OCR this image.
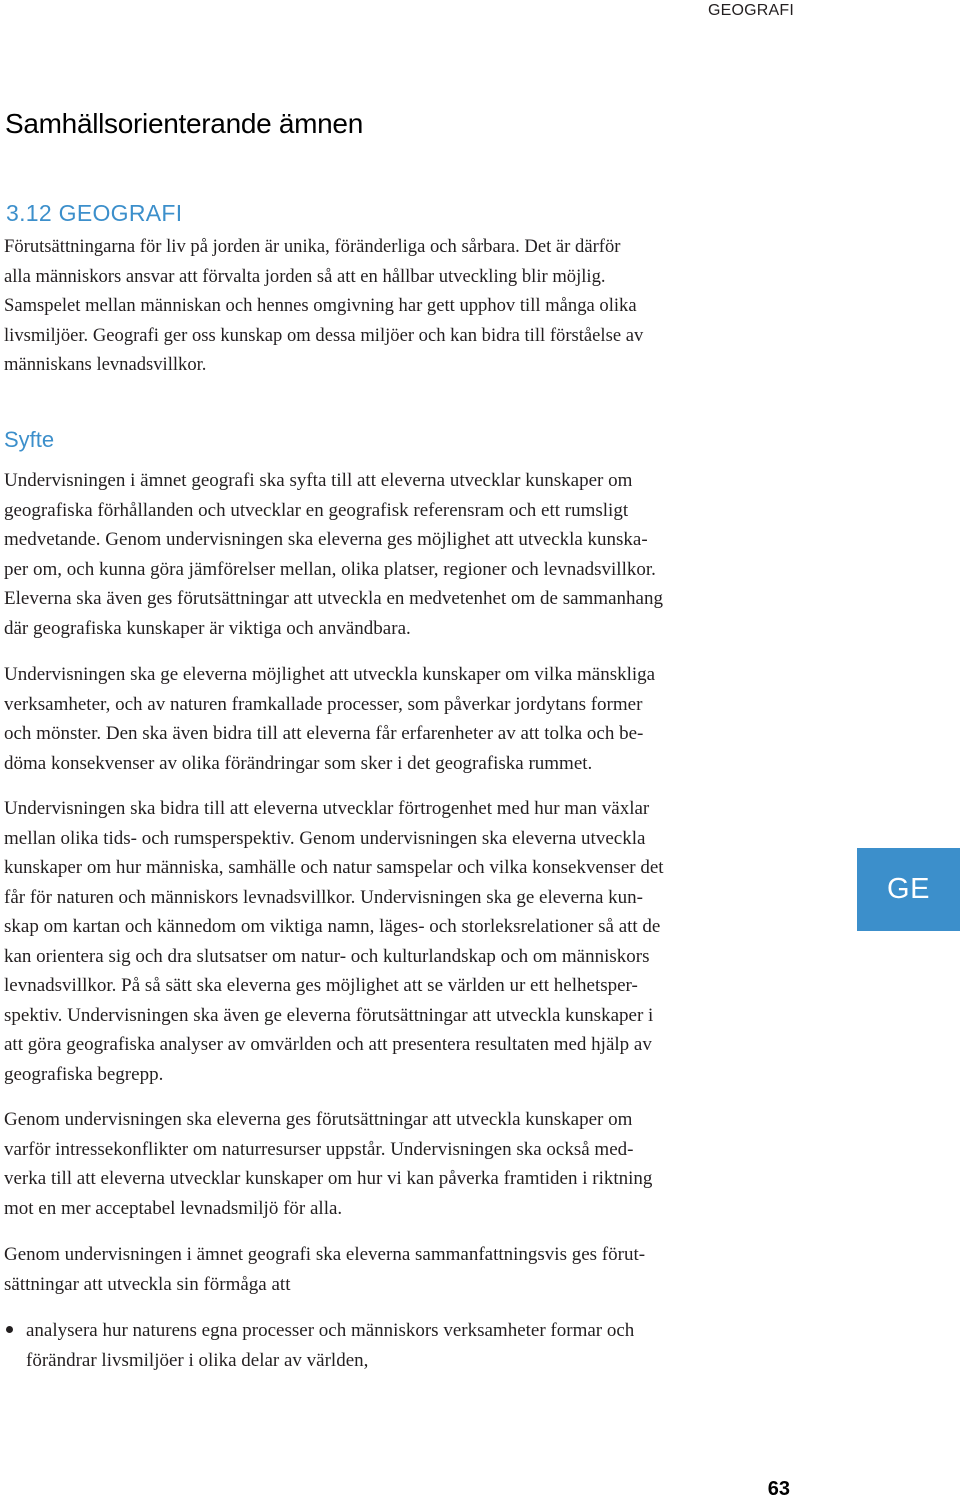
GEOGRAFI
Samhällsorienterande ämnen
3.12 GEOGRAFI

Förutsättningarna för liv på jorden är unika, föränderliga och sårbara. Det är därför
alla människors ansvar att förvalta jorden så att en hållbar utveckling blir möjlig.
Samspelet mellan människan och hennes omgivning har gett upphov till många olika
livsmiljöer. Geografi ger oss kunskap om dessa miljöer och kan bidra till förståelse av
människans levnadsvillkor.

Syfte

Undervisningen i ämnet geografi ska syfta till att eleverna utvecklar kunskaper om
geografiska förhållanden och utvecklar en geografisk referensram och ett rumsligt
medvetande. Genom undervisningen ska eleverna ges möjlighet att utveckla kunska-
per om, och kunna göra jämförelser mellan, olika platser, regioner och levnadsvillkor.
Eleverna ska även ges förutsättningar att utveckla en medvetenhet om de sammanhang
där geografiska kunskaper är viktiga och användbara.

Undervisningen ska ge eleverna möjlighet att utveckla kunskaper om vilka mänskliga
verksamheter, och av naturen framkallade processer, som påverkar jordytans former
och mönster. Den ska även bidra till att eleverna får erfarenheter av att tolka och be-
döma konsekvenser av olika förändringar som sker i det geografiska rummet.

Undervisningen ska bidra till att eleverna utvecklar förtrogenhet med hur man växlar
mellan olika tids- och rumsperspektiv. Genom undervisningen ska eleverna utveckla
kunskaper om hur människa, samhälle och natur samspelar och vilka konsekvenser det
får för naturen och människors levnadsvillkor. Undervisningen ska ge eleverna kun-
skap om kartan och kännedom om viktiga namn, läges- och storleksrelationer så att de
kan orientera sig och dra slutsatser om natur- och kulturlandskap och om människors
levnadsvillkor. På så sätt ska eleverna ges möjlighet att se världen ur ett helhetsper-
spektiv. Undervisningen ska även ge eleverna förutsättningar att utveckla kunskaper i
att göra geografiska analyser av omvärlden och att presentera resultaten med hjälp av
geografiska begrepp.

Genom undervisningen ska eleverna ges förutsättningar att utveckla kunskaper om
varför intressekonflikter om naturresurser uppstår. Undervisningen ska också med-
verka till att eleverna utvecklar kunskaper om hur vi kan påverka framtiden i riktning
mot en mer acceptabel levnadsmiljö för alla.

Genom undervisningen i ämnet geografi ska eleverna sammanfattningsvis ges förut-
sättningar att utveckla sin förmåga att

analysera hur naturens egna processer och människors verksamheter formar och
förändrar livsmiljöer i olika delar av världen,
GE
63
